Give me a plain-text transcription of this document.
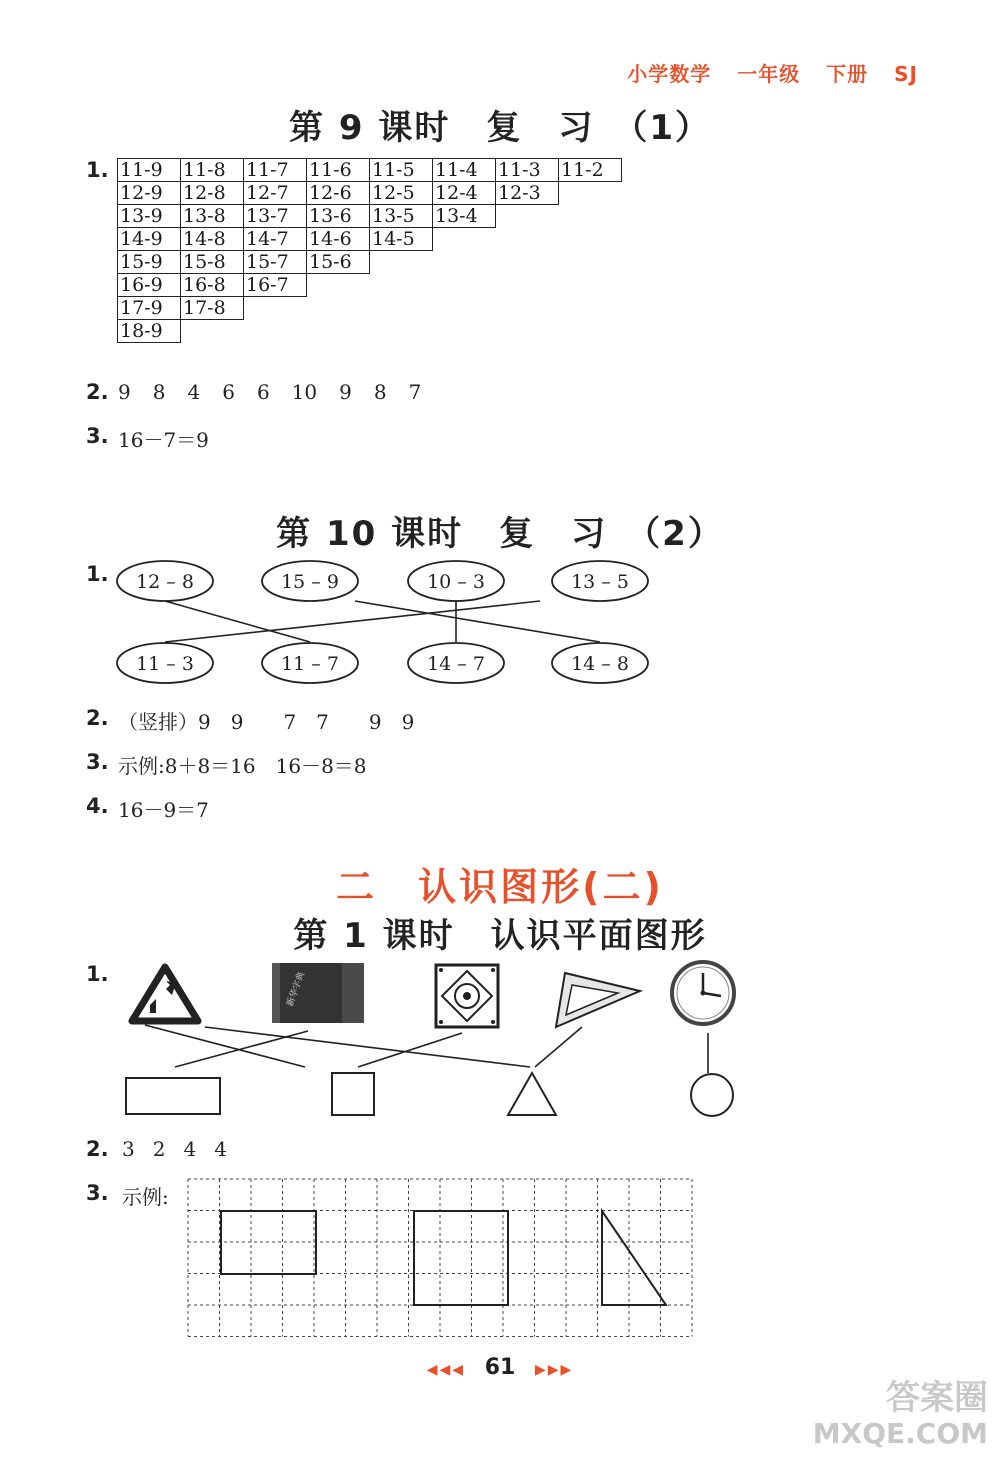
小学数学 一年级 下册 SJ
第 9 课时　复　习　（1）
1. 11-9	11-8	11-7	11-6	11-5	11-4	11-3	11-2
12-9	12-8	12-7	12-6	12-5	12-4	12-3	
13-9	13-8	13-7	13-6	13-5	13-4		
14-9	14-8	14-7	14-6	14-5			
15-9	15-8	15-7	15-6				
16-9	16-8	16-7					
17-9	17-8						
18-9							
2. 9 8 4 6 6 10 9 8 7
3. 16－7＝9
第 10 课时　复　习　（2）
1. 12 – 8	15 – 9	10 – 3	13 – 5
11 – 3	11 – 7	14 – 7	14 – 8
2. （竖排）9　9　　7　7　　9　9
3. 示例:8＋8＝16　16－8＝8
4. 16－9＝7
二　认识图形(二)
第 1 课时　认识平面图形
1.	新华字典
2. 3 2 4 4
3. 示例:
◀◀◀ 61 ▶▶▶
答案圈
MXQE.COM
